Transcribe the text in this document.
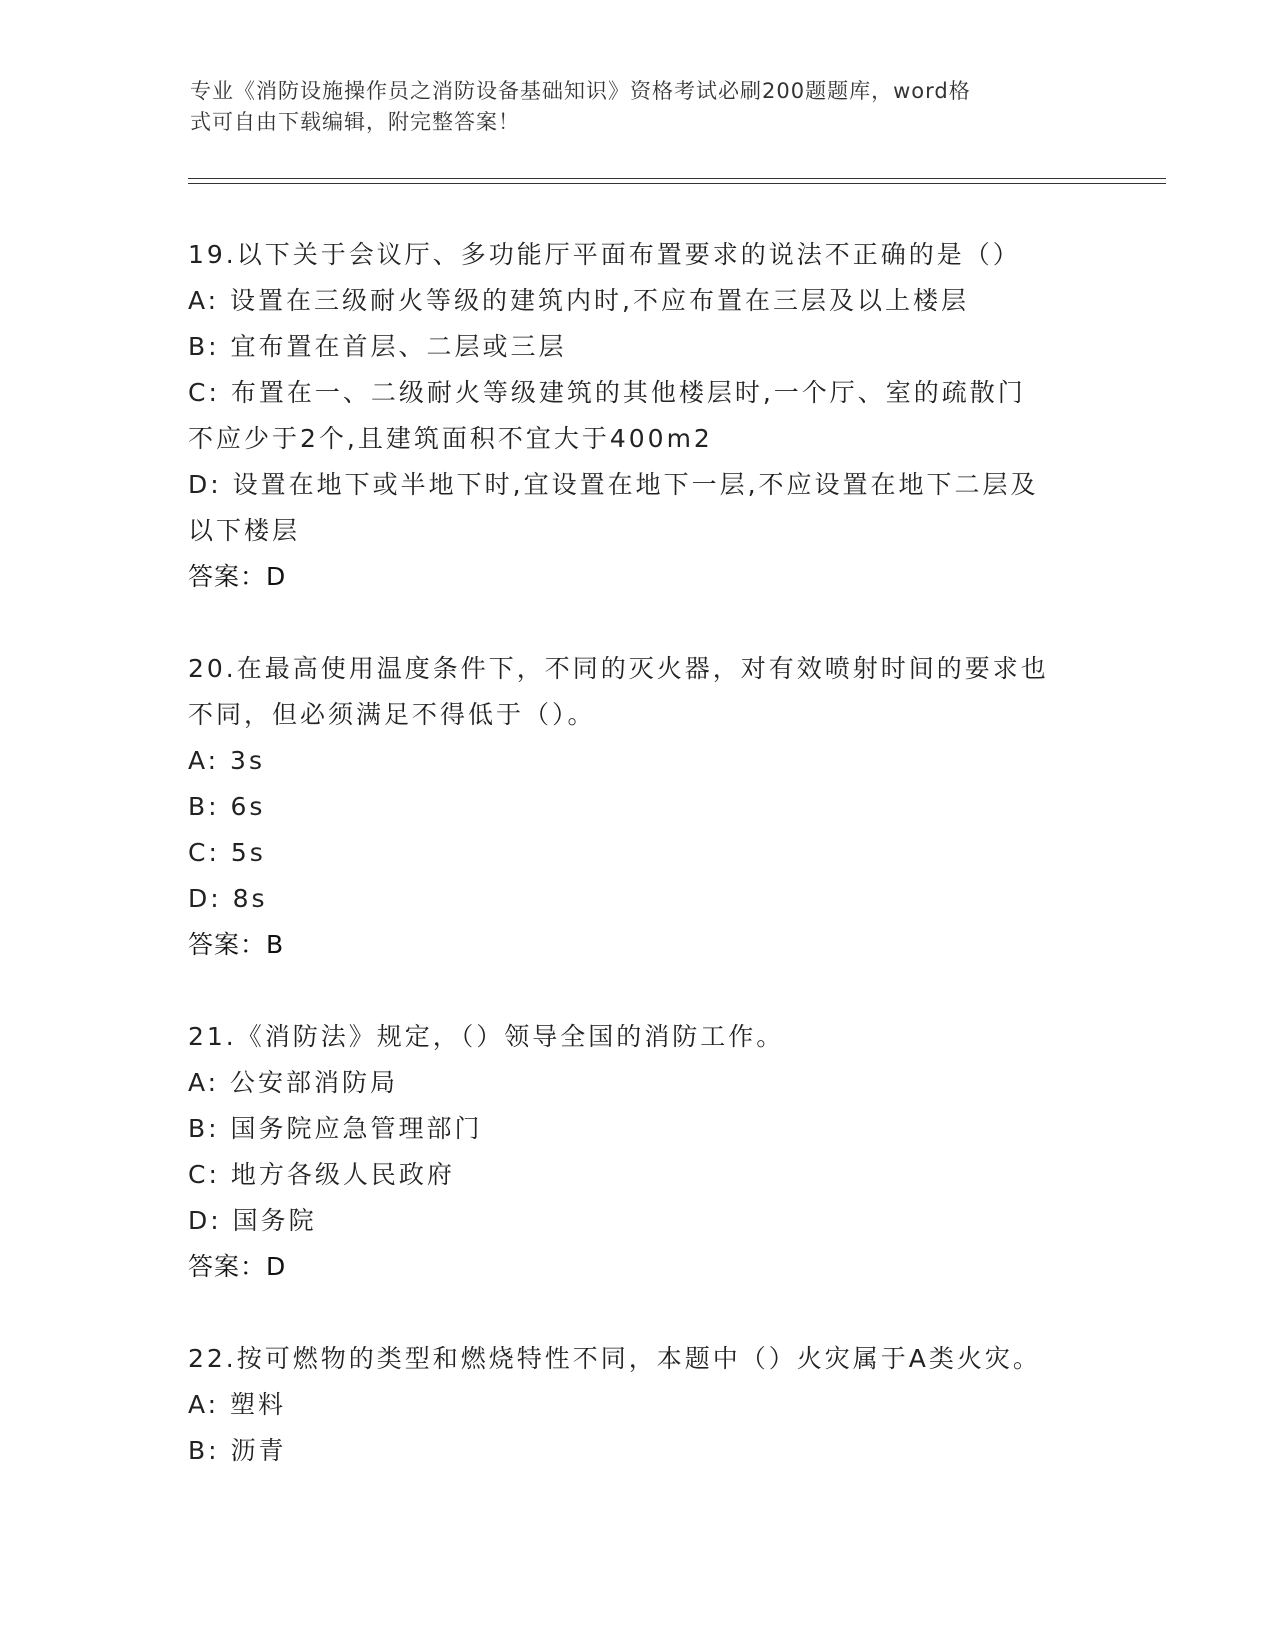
专业《消防设施操作员之消防设备基础知识》资格考试必刷200题题库，word格
式可自由下载编辑，附完整答案！
19.以下关于会议厅、多功能厅平面布置要求的说法不正确的是（）
A: 设置在三级耐火等级的建筑内时,不应布置在三层及以上楼层
B: 宜布置在首层、二层或三层
C: 布置在一、二级耐火等级建筑的其他楼层时,一个厅、室的疏散门
不应少于2个,且建筑面积不宜大于400m2
D: 设置在地下或半地下时,宜设置在地下一层,不应设置在地下二层及
以下楼层
答案：D
20.在最高使用温度条件下，不同的灭火器，对有效喷射时间的要求也
不同，但必须满足不得低于（）。
A: 3s
B: 6s
C: 5s
D: 8s
答案：B
21.《消防法》规定，（）领导全国的消防工作。
A: 公安部消防局
B: 国务院应急管理部门
C: 地方各级人民政府
D: 国务院
答案：D
22.按可燃物的类型和燃烧特性不同，本题中（）火灾属于A类火灾。
A: 塑料
B: 沥青
